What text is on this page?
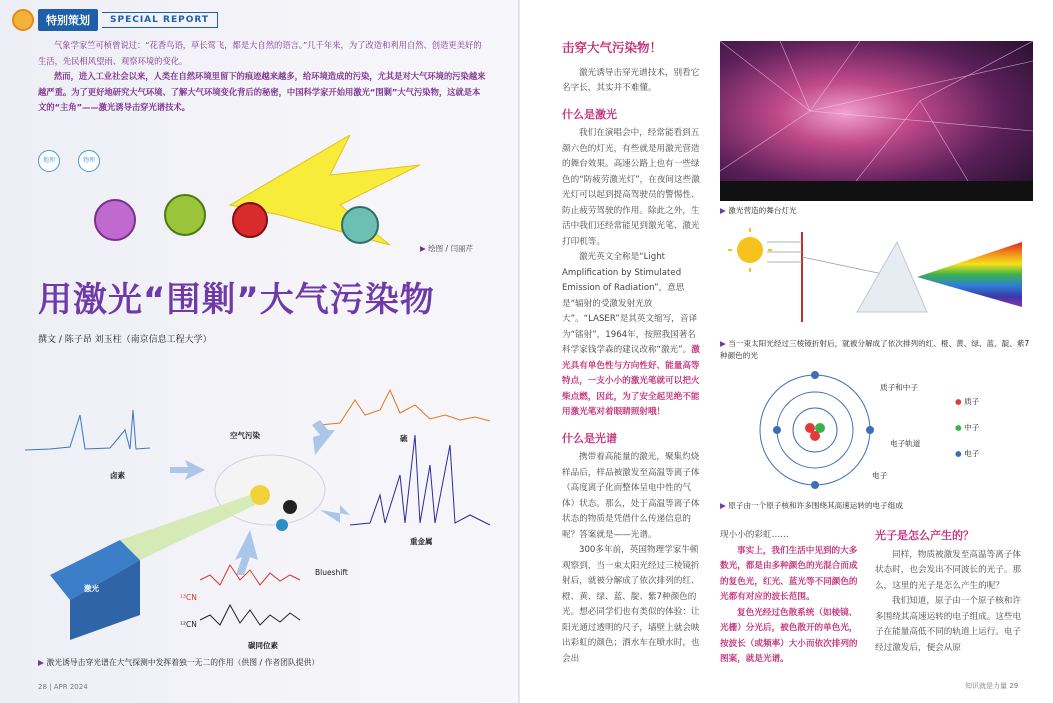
特别策划	SPECIAL REPORT

气象学家竺可桢曾说过：“花香鸟语，草长莺飞，都是大自然的语言。”几千年来，为了改造和利用自然、创造更美好的生活，先民相风望雨、观察环境的变化。

然而，进入工业社会以来，人类在自然环境里留下的痕迹越来越多，给环境造成的污染，尤其是对大气环境的污染越来越严重。为了更好地研究大气环境、了解大气环境变化背后的秘密，中国科学家开始用激光“围剿”大气污染物，这就是本文的“主角”——激光诱导击穿光谱技术。

地理	物理
▶ 绘图 / 闫丽芹
用激光“围剿”大气污染物
撰文 / 陈子昂 刘玉柱（南京信息工程大学）
空气污染
卤素
硫
重金属
激光
Blueshift
¹³CN
¹²CN
碳同位素
▶ 激光诱导击穿光谱在大气探测中发挥着独一无二的作用（供图 / 作者团队提供）
28 | APR 2024
击穿大气污染物！

激光诱导击穿光谱技术，别看它名字长，其实并不难懂。

什么是激光

我们在演唱会中，经常能看到五颜六色的灯光，有些就是用激光营造的舞台效果。高速公路上也有一些绿色的“防疲劳激光灯”，在夜间这些激光灯可以起到提高驾驶员的警惕性、防止疲劳驾驶的作用。除此之外，生活中我们还经常能见到激光笔、激光打印机等。

激光英文全称是“Light Amplification by Stimulated Emission of Radiation”，意思是“辐射的受激发射光放大”。“LASER”是其英文缩写，音译为“镭射”，1964年，按照我国著名科学家钱学森的建议改称“激光”。激光具有单色性与方向性好、能量高等特点，一支小小的激光笔就可以把火柴点燃，因此，为了安全起见绝不能用激光笔对着眼睛照射哦！

什么是光谱

携带着高能量的激光，聚集灼烧样品后，样品被激发至高温等离子体（高度离子化而整体呈电中性的气体）状态。那么，处于高温等离子体状态的物质是凭借什么传递信息的呢？答案就是——光谱。

300多年前，英国物理学家牛顿观察到，当一束太阳光经过三棱镜折射后，就被分解成了依次排列的红、橙、黄、绿、蓝、靛、紫7种颜色的光。想必同学们也有类似的体验：让阳光通过透明的尺子，墙壁上就会映出彩虹的颜色；洒水车在喷水时，也会出

▶ 激光营造的舞台灯光
▶ 当一束太阳光经过三棱镜折射后，就被分解成了依次排列的红、橙、黄、绿、蓝、靛、紫7种颜色的光
质子和中子
电子轨道
电子
● 质子
● 中子
● 电子
▶ 原子由一个原子核和许多围绕其高速运转的电子组成

现小小的彩虹……

事实上，我们生活中见到的大多数光，都是由多种颜色的光混合而成的复色光，红光、蓝光等不同颜色的光都有对应的波长范围。

复色光经过色散系统（如棱镜、光栅）分光后，被色散开的单色光，按波长（或频率）大小而依次排列的图案，就是光谱。

光子是怎么产生的？

同样，物质被激发至高温等离子体状态时，也会发出不同波长的光子。那么，这里的光子是怎么产生的呢？

我们知道，原子由一个原子核和许多围绕其高速运转的电子组成。这些电子在能量高低不同的轨道上运行。电子经过激发后，便会从原

知识就是力量 29
